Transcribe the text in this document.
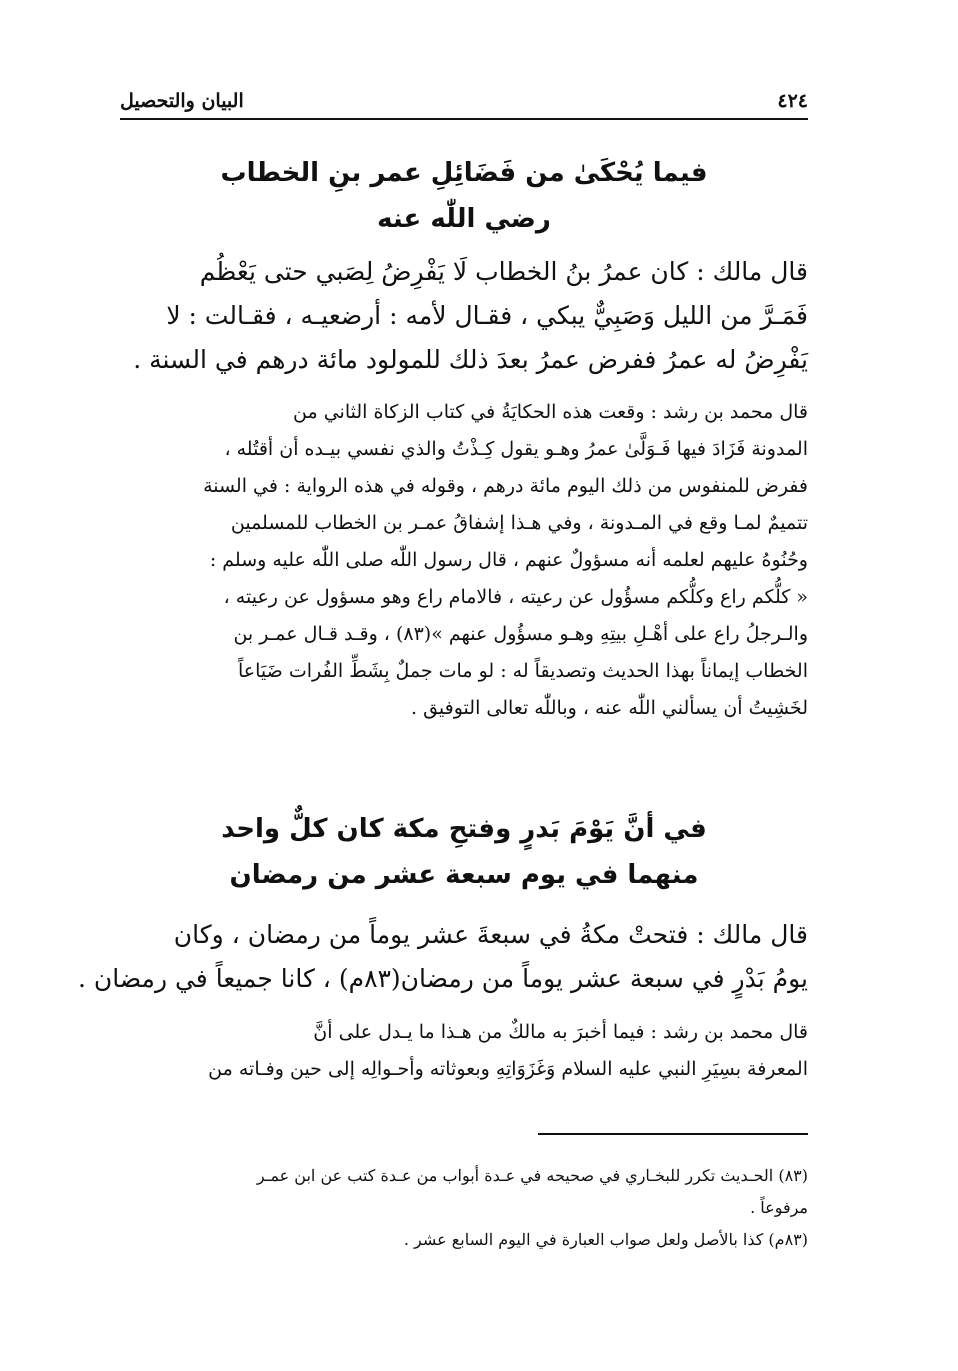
٤٢٤
البيان والتحصيل
فيما يُحْكَىٰ من فَضَائِلِ عمر بنِ الخطاب
رضي اللّٰه عنه
قال مالك : كان عمرُ بنُ الخطاب لَا يَفْرِضُ لِصَبي حتى يَعْظُم
فَمَـرَّ من الليل وَصَبِيٌّ يبكي ، فقـال لأمه : أرضعيـه ، فقـالت : لا
يَفْرِضُ له عمرُ ففرض عمرُ بعدَ ذلك للمولود مائة درهم في السنة .
قال محمد بن رشد : وقعت هذه الحكايَةُ في كتاب الزكاة الثاني من
المدونة فَزَادَ فيها فَـوَلَّىٰ عمرُ وهـو يقول كِـذْتُ والذي نفسي بيـده أن أقتُله ،
ففرض للمنفوس من ذلك اليوم مائة درهم ، وقوله في هذه الرواية : في السنة
تتميمٌ لمـا وقع في المـدونة ، وفي هـذا إشفاقُ عمـر بن الخطاب للمسلمين
وحُنُوهُ عليهم لعلمه أنه مسؤولٌ عنهم ، قال رسول اللّٰه صلى اللّٰه عليه وسلم :
« كلُّكم راع وكلُّكم مسؤُول عن رعيته ، فالامام راع وهو مسؤول عن رعيته ،
والـرجلُ راع على أهْـلِ بيتِهِ وهـو مسؤُول عنهم »(٨٣) ، وقـد قـال عمـر بن
الخطاب إيماناً بهذا الحديث وتصديقاً له : لو مات جملٌ بِشَطِّ الفُرات ضَيَاعاً
لخَشِيتُ أن يسألني اللّٰه عنه ، وباللّٰه تعالى التوفيق .
في أنَّ يَوْمَ بَدرٍ وفتحِ مكة كان كلٌّ واحد
منهما في يوم سبعة عشر من رمضان
قال مالك : فتحتْ مكةُ في سبعةَ عشر يوماً من رمضان ، وكان
يومُ بَدْرٍ في سبعة عشر يوماً من رمضان(٨٣م) ، كانا جميعاً في رمضان .
قال محمد بن رشد : فيما أخبرَ به مالكٌ من هـذا ما يـدل على أنَّ
المعرفة بسِيَرِ النبي عليه السلام وَغَزَوَاتِهِ وبعوثاته وأحـوالِه إلى حين وفـاته من
(٨٣) الحـديث تكرر للبخـاري في صحيحه في عـدة أبواب من عـدة كتب عن ابن عمـر
مرفوعاً .
(٨٣م) كذا بالأصل ولعل صواب العبارة في اليوم السابع عشر .
